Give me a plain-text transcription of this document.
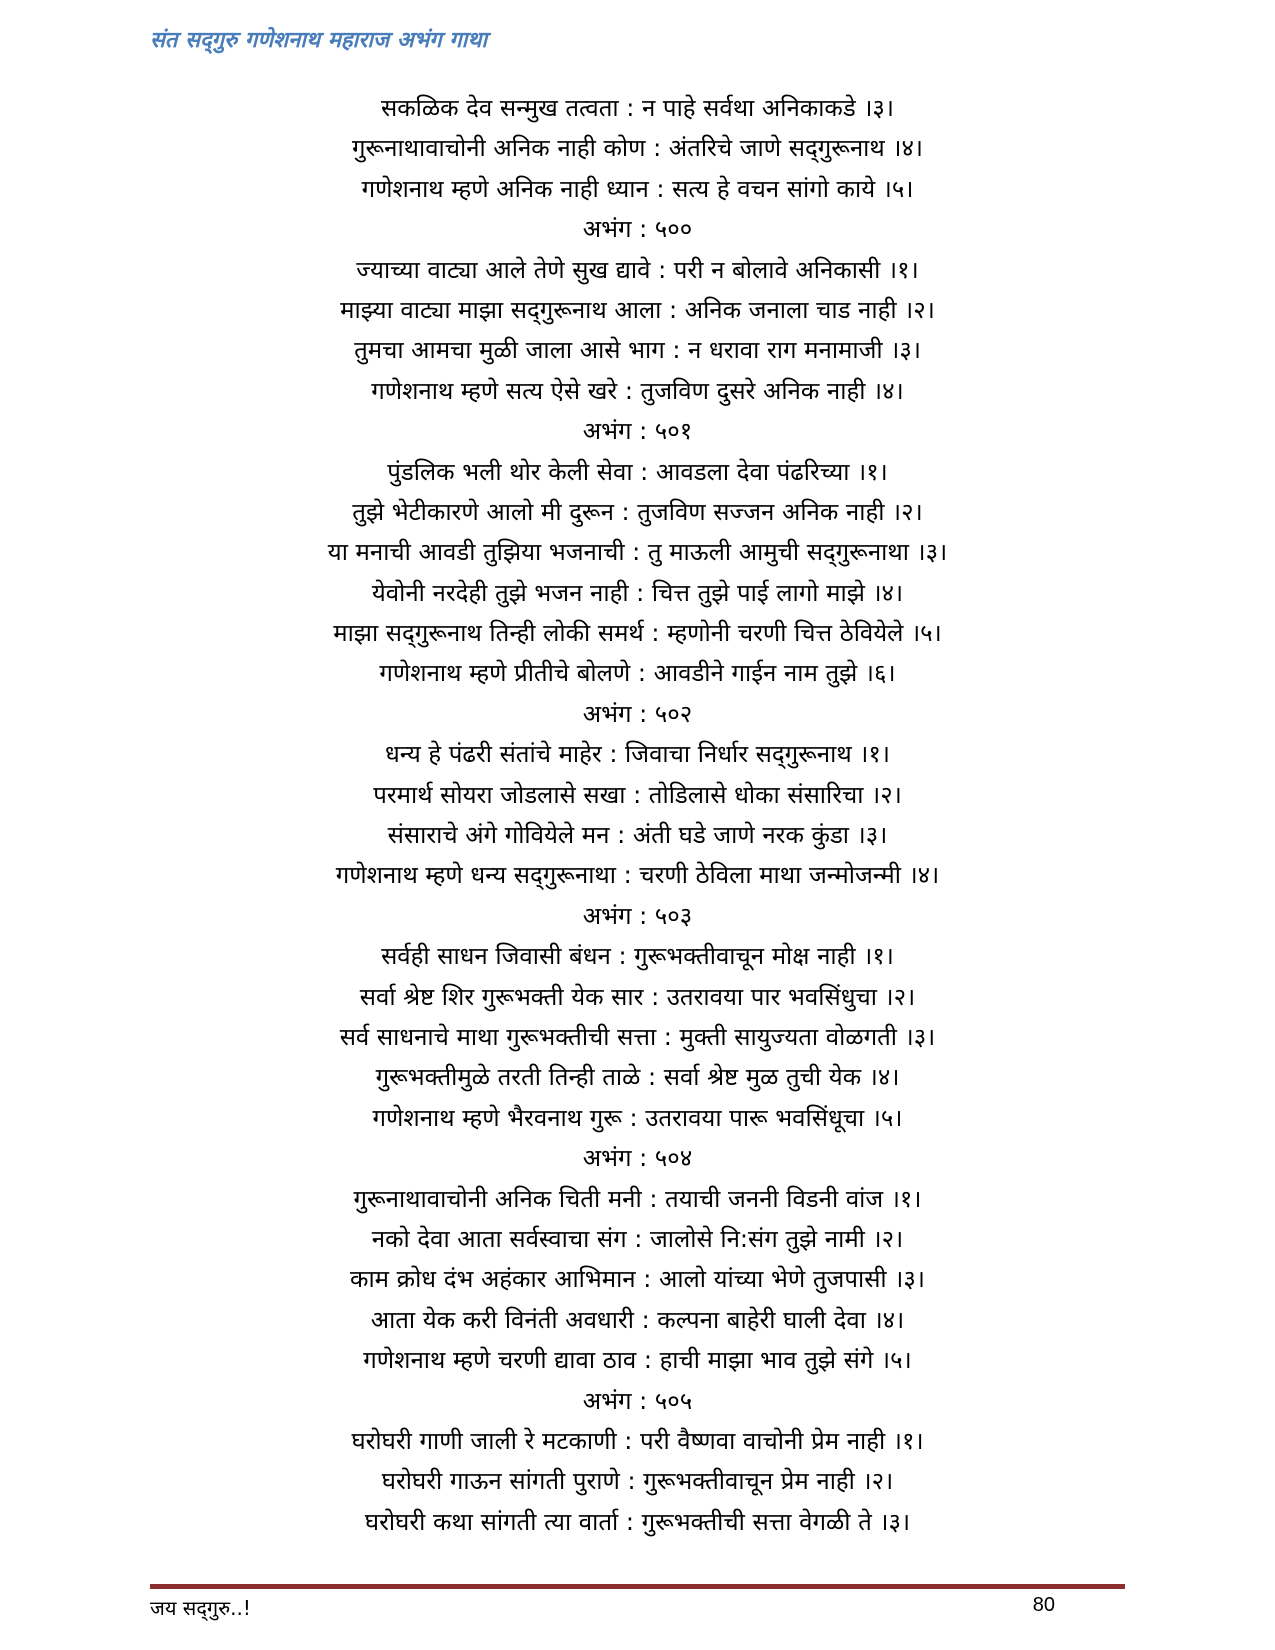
संत सद्‌गुरु गणेशनाथ महाराज अभंग गाथा
सकळिक देव सन्मुख तत्वता : न पाहे सर्वथा अनिकाकडे ।३।
गुरूनाथावाचोनी अनिक नाही कोण : अंतरिचे जाणे सद्‌गुरूनाथ ।४।
गणेशनाथ म्हणे अनिक नाही ध्यान : सत्य हे वचन सांगो काये ।५।
अभंग : ५००
ज्याच्या वाट्या आले तेणे सुख द्यावे : परी न बोलावे अनिकासी ।१।
माझ्या वाट्या माझा सद्‌गुरूनाथ आला : अनिक जनाला चाड नाही ।२।
तुमचा आमचा मुळी जाला आसे भाग : न धरावा राग मनामाजी ।३।
गणेशनाथ म्हणे सत्य ऐसे खरे : तुजविण दुसरे अनिक नाही ।४।
अभंग : ५०१
पुंडलिक भली थोर केली सेवा : आवडला देवा पंढरिच्या ।१।
तुझे भेटीकारणे आलो मी दुरून : तुजविण सज्जन अनिक नाही ।२।
या मनाची आवडी तुझिया भजनाची : तु माऊली आमुची सद्‌गुरूनाथा ।३।
येवोनी नरदेही तुझे भजन नाही : चित्त तुझे पाई लागो माझे ।४।
माझा सद्‌गुरूनाथ तिन्ही लोकी समर्थ : म्हणोनी चरणी चित्त ठेवियेले ।५।
गणेशनाथ म्हणे प्रीतीचे बोलणे : आवडीने गाईन नाम तुझे ।६।
अभंग : ५०२
धन्य हे पंढरी संतांचे माहेर : जिवाचा निर्धार सद्‌गुरूनाथ ।१।
परमार्थ सोयरा जोडलासे सखा : तोडिलासे धोका संसारिचा ।२।
संसाराचे अंगे गोवियेले मन : अंती घडे जाणे नरक कुंडा ।३।
गणेशनाथ म्हणे धन्य सद्‌गुरूनाथा : चरणी ठेविला माथा जन्मोजन्मी ।४।
अभंग : ५०३
सर्वही साधन जिवासी बंधन : गुरूभक्तीवाचून मोक्ष नाही ।१।
सर्वा श्रेष्ट शिर गुरूभक्ती येक सार : उतरावया पार भवसिंधुचा ।२।
सर्व साधनाचे माथा गुरूभक्तीची सत्ता : मुक्ती सायुज्यता वोळगती ।३।
गुरूभक्तीमुळे तरती तिन्ही ताळे : सर्वा श्रेष्ट मुळ तुची येक ।४।
गणेशनाथ म्हणे भैरवनाथ गुरू : उतरावया पारू भवसिंधूचा ।५।
अभंग : ५०४
गुरूनाथावाचोनी अनिक चिती मनी : तयाची जननी विडनी वांज ।१।
नको देवा आता सर्वस्वाचा संग : जालोसे नि:संग तुझे नामी ।२।
काम क्रोध दंभ अहंकार आभिमान : आलो यांच्या भेणे तुजपासी ।३।
आता येक करी विनंती अवधारी : कल्पना बाहेरी घाली देवा ।४।
गणेशनाथ म्हणे चरणी द्यावा ठाव : हाची माझा भाव तुझे संगे ।५।
अभंग : ५०५
घरोघरी गाणी जाली रे मटकाणी : परी वैष्णवा वाचोनी प्रेम नाही ।१।
घरोघरी गाऊन सांगती पुराणे : गुरूभक्तीवाचून प्रेम नाही ।२।
घरोघरी कथा सांगती त्या वार्ता : गुरूभक्तीची सत्ता वेगळी ते ।३।
जय सद्‌गुरु..!	80
